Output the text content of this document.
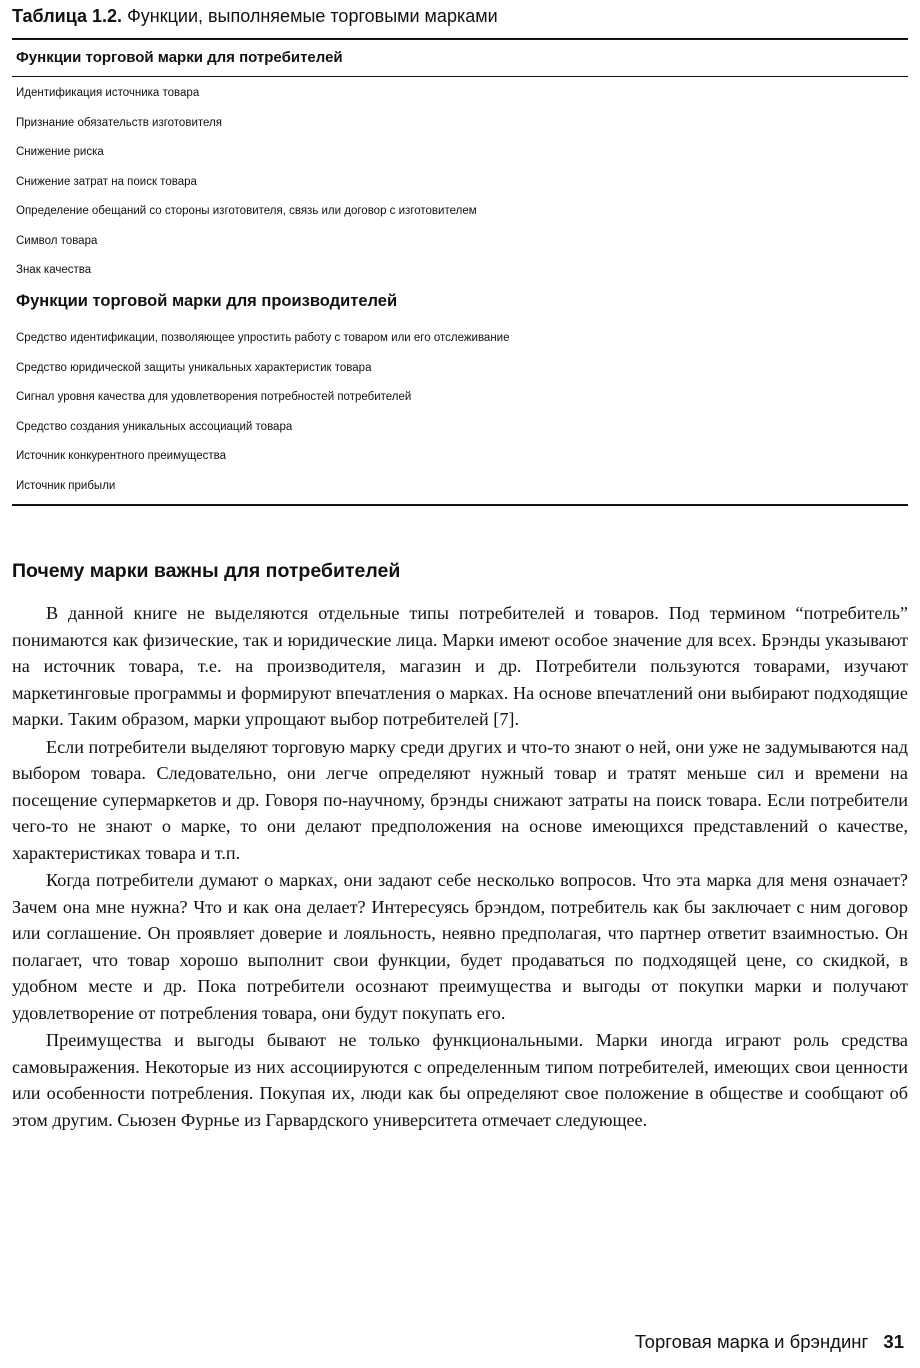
Таблица 1.2. Функции, выполняемые торговыми марками
Функции торговой марки для потребителей
Идентификация источника товара
Признание обязательств изготовителя
Снижение риска
Снижение затрат на поиск товара
Определение обещаний со стороны изготовителя, связь или договор с изготовителем
Символ товара
Знак качества
Функции торговой марки для производителей
Средство идентификации, позволяющее упростить работу с товаром или его отслеживание
Средство юридической защиты уникальных характеристик товара
Сигнал уровня качества для удовлетворения потребностей потребителей
Средство создания уникальных ассоциаций товара
Источник конкурентного преимущества
Источник прибыли
Почему марки важны для потребителей

В данной книге не выделяются отдельные типы потребителей и товаров. Под термином “потребитель” понимаются как физические, так и юридические лица. Марки имеют особое значение для всех. Брэнды указывают на источник товара, т.е. на производителя, магазин и др. Потребители пользуются товарами, изучают маркетинговые программы и формируют впечатления о марках. На основе впечатлений они выбирают подходящие марки. Таким образом, марки упрощают выбор потребителей [7].

Если потребители выделяют торговую марку среди других и что-то знают о ней, они уже не задумываются над выбором товара. Следовательно, они легче определяют нужный товар и тратят меньше сил и времени на посещение супермаркетов и др. Говоря по-научному, брэнды снижают затраты на поиск товара. Если потребители чего-то не знают о марке, то они делают предположения на основе имеющихся представлений о качестве, характеристиках товара и т.п.

Когда потребители думают о марках, они задают себе несколько вопросов. Что эта марка для меня означает? Зачем она мне нужна? Что и как она делает? Интересуясь брэндом, потребитель как бы заключает с ним договор или соглашение. Он проявляет доверие и лояльность, неявно предполагая, что партнер ответит взаимностью. Он полагает, что товар хорошо выполнит свои функции, будет продаваться по подходящей цене, со скидкой, в удобном месте и др. Пока потребители осознают преимущества и выгоды от покупки марки и получают удовлетворение от потребления товара, они будут покупать его.

Преимущества и выгоды бывают не только функциональными. Марки иногда играют роль средства самовыражения. Некоторые из них ассоциируются с определенным типом потребителей, имеющих свои ценности или особенности потребления. Покупая их, люди как бы определяют свое положение в обществе и сообщают об этом другим. Сьюзен Фурнье из Гарвардского университета отмечает следующее.

Торговая марка и брэндинг 31
